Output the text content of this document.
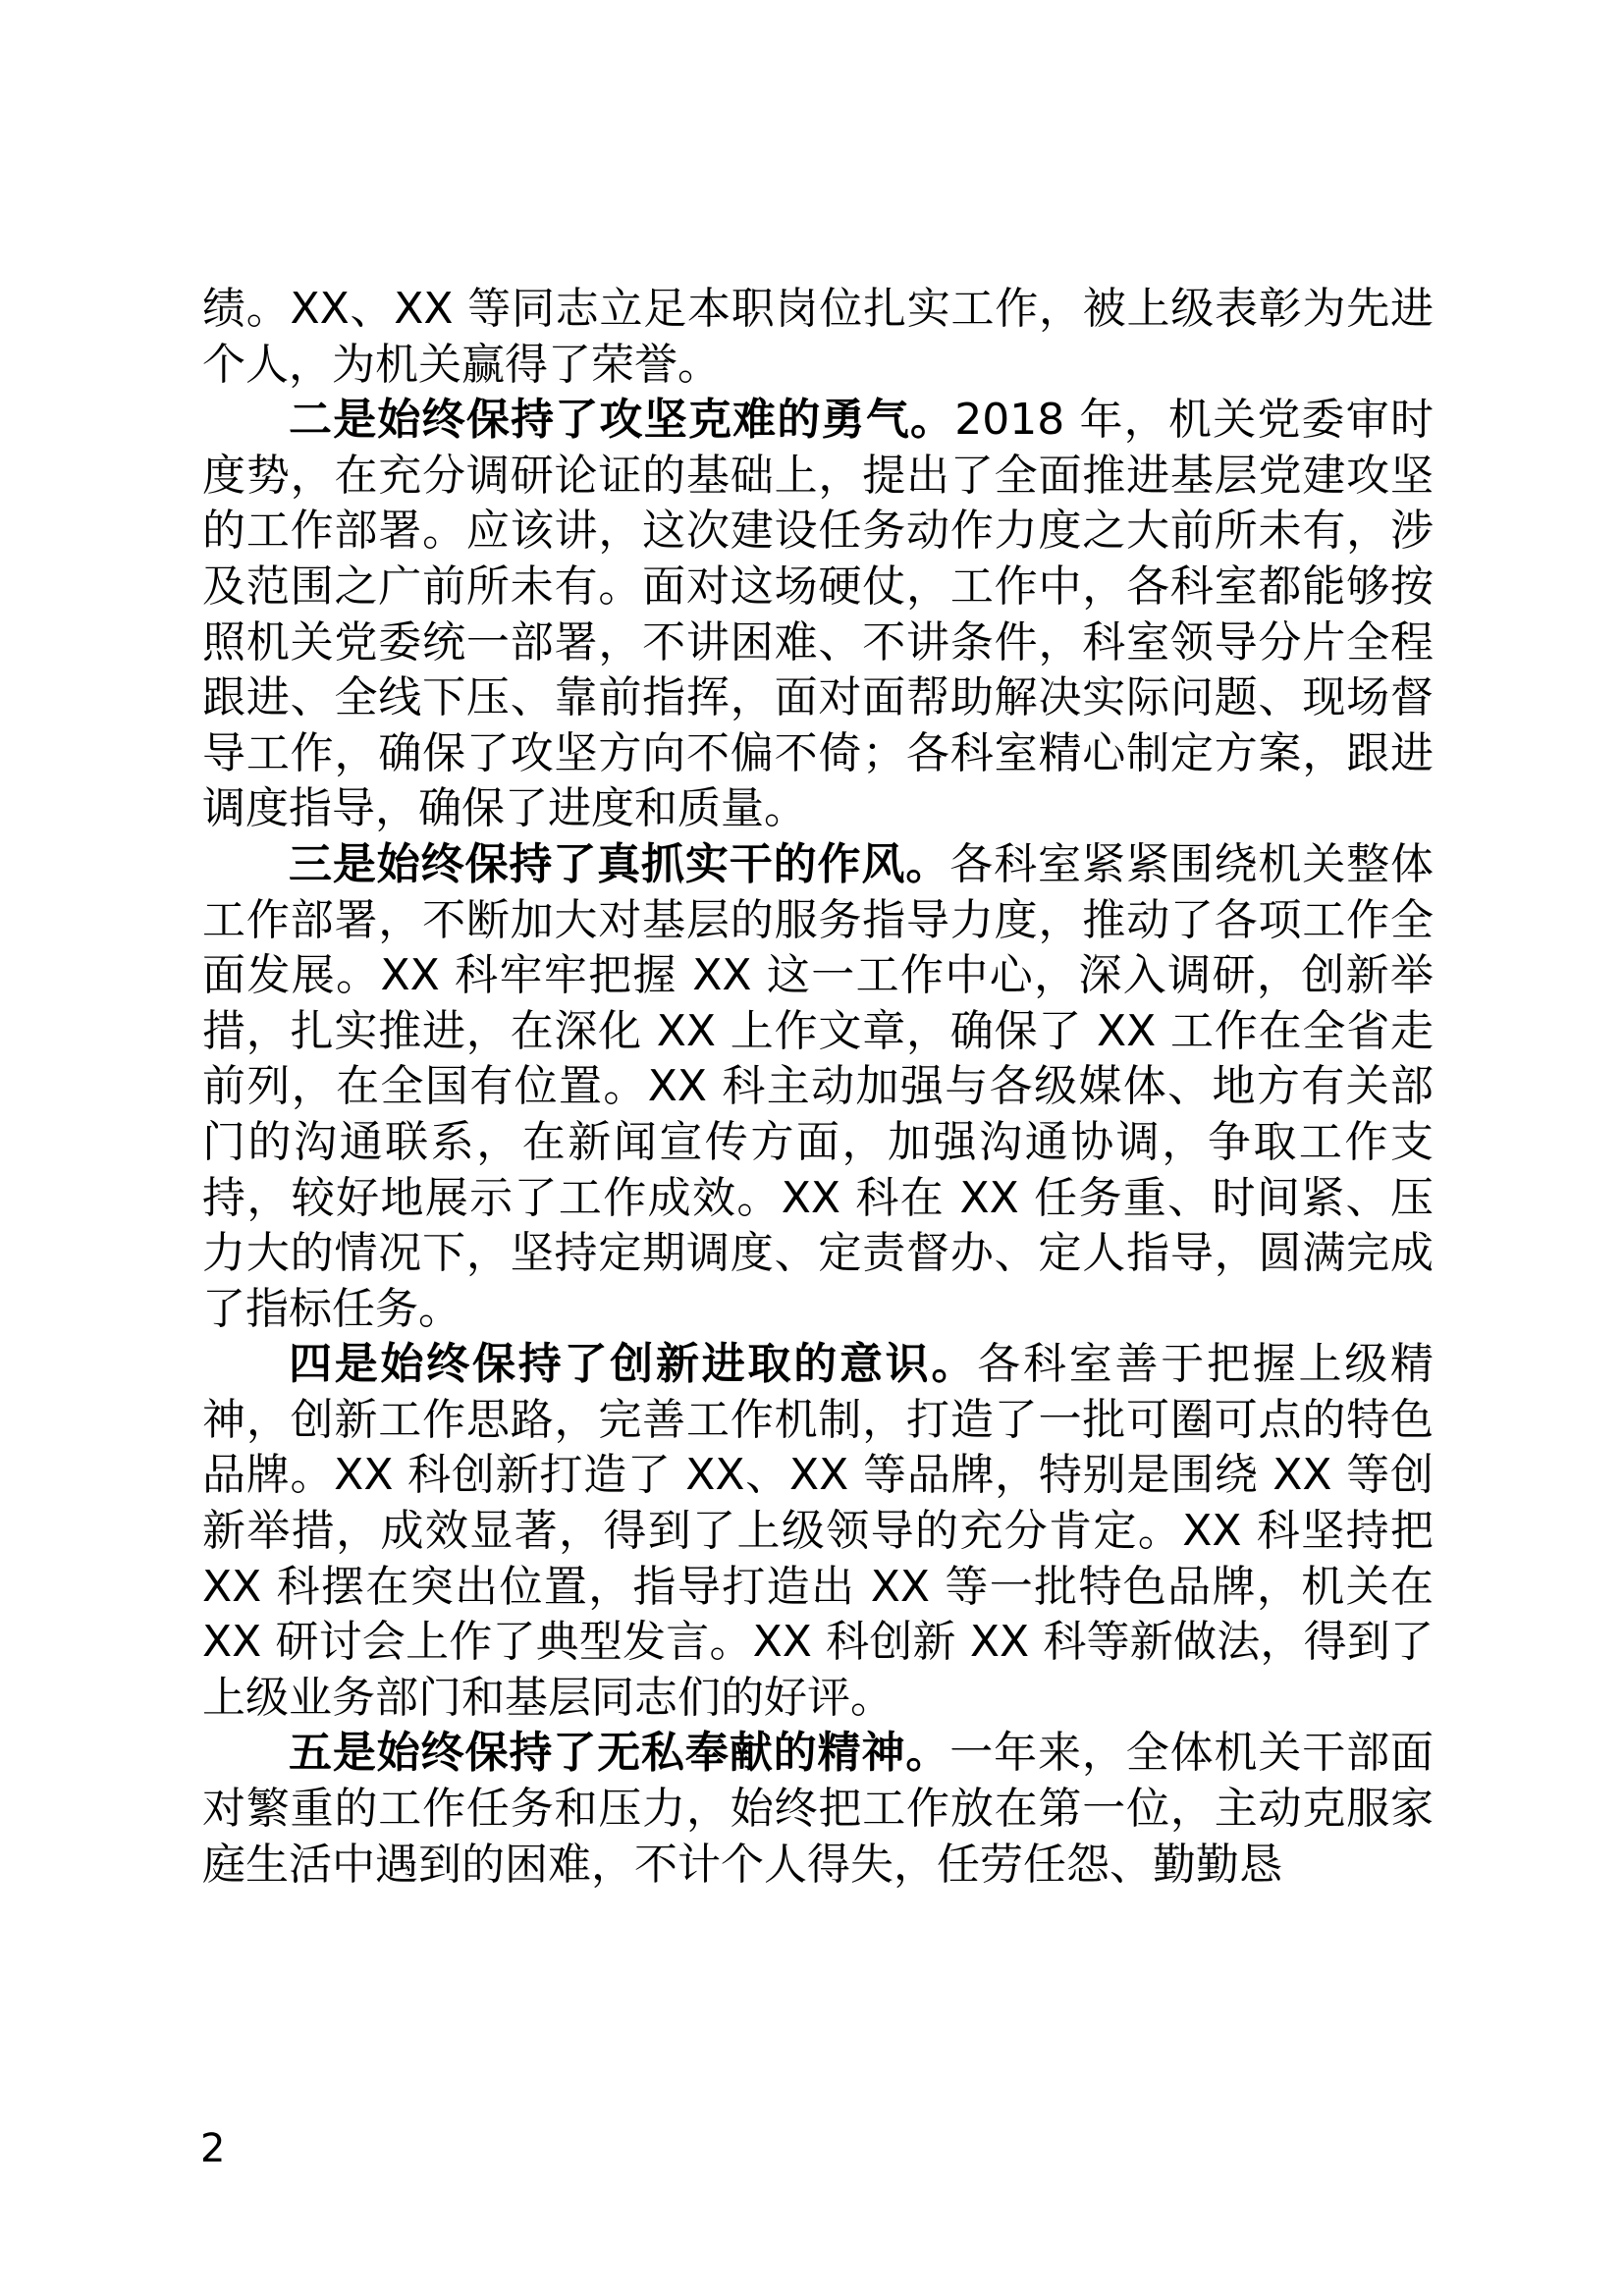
绩。XX、XX 等同志立足本职岗位扎实工作，被上级表彰为先进个人，为机关赢得了荣誉。

二是始终保持了攻坚克难的勇气。2018 年，机关党委审时度势，在充分调研论证的基础上，提出了全面推进基层党建攻坚的工作部署。应该讲，这次建设任务动作力度之大前所未有，涉及范围之广前所未有。面对这场硬仗，工作中，各科室都能够按照机关党委统一部署，不讲困难、不讲条件，科室领导分片全程跟进、全线下压、靠前指挥，面对面帮助解决实际问题、现场督导工作，确保了攻坚方向不偏不倚；各科室精心制定方案，跟进调度指导，确保了进度和质量。

三是始终保持了真抓实干的作风。各科室紧紧围绕机关整体工作部署，不断加大对基层的服务指导力度，推动了各项工作全面发展。XX 科牢牢把握 XX 这一工作中心，深入调研，创新举措，扎实推进，在深化 XX 上作文章，确保了 XX 工作在全省走前列，在全国有位置。XX 科主动加强与各级媒体、地方有关部门的沟通联系，在新闻宣传方面，加强沟通协调，争取工作支持，较好地展示了工作成效。XX 科在 XX 任务重、时间紧、压力大的情况下，坚持定期调度、定责督办、定人指导，圆满完成了指标任务。

四是始终保持了创新进取的意识。各科室善于把握上级精神，创新工作思路，完善工作机制，打造了一批可圈可点的特色品牌。XX 科创新打造了 XX、XX 等品牌，特别是围绕 XX 等创新举措，成效显著，得到了上级领导的充分肯定。XX 科坚持把 XX 科摆在突出位置，指导打造出 XX 等一批特色品牌，机关在 XX 研讨会上作了典型发言。XX 科创新 XX 科等新做法，得到了上级业务部门和基层同志们的好评。

五是始终保持了无私奉献的精神。一年来，全体机关干部面对繁重的工作任务和压力，始终把工作放在第一位，主动克服家庭生活中遇到的困难，不计个人得失，任劳任怨、勤勤恳

2
